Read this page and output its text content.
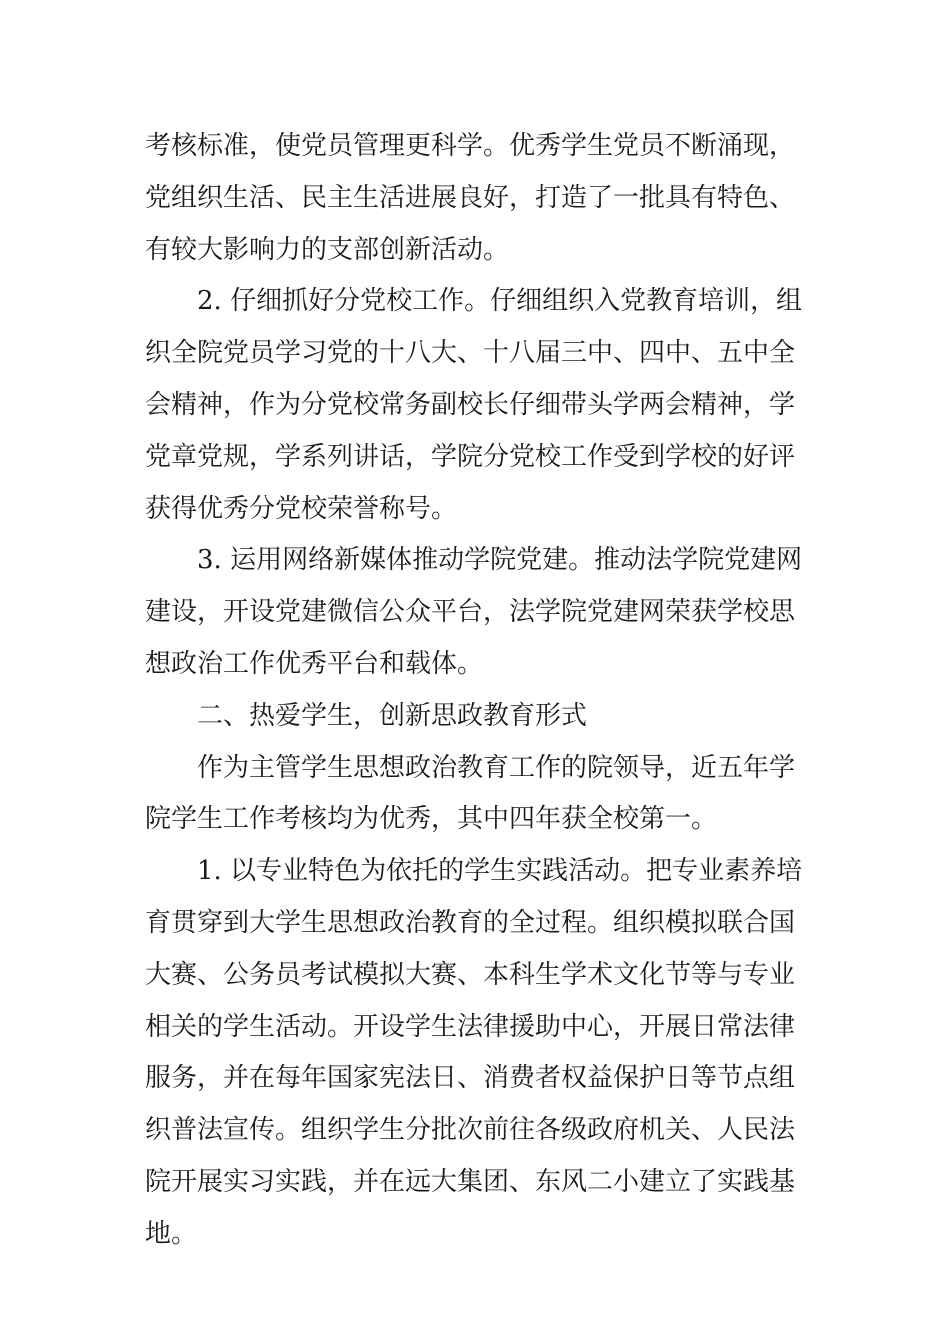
考核标准，使党员管理更科学。优秀学生党员不断涌现，
党组织生活、民主生活进展良好，打造了一批具有特色、
有较大影响力的支部创新活动。
2. 仔细抓好分党校工作。仔细组织入党教育培训，组
织全院党员学习党的十八大、十八届三中、四中、五中全
会精神，作为分党校常务副校长仔细带头学两会精神，学
党章党规，学系列讲话，学院分党校工作受到学校的好评
获得优秀分党校荣誉称号。
3. 运用网络新媒体推动学院党建。推动法学院党建网
建设，开设党建微信公众平台，法学院党建网荣获学校思
想政治工作优秀平台和载体。
二、热爱学生，创新思政教育形式
作为主管学生思想政治教育工作的院领导，近五年学
院学生工作考核均为优秀，其中四年获全校第一。
1. 以专业特色为依托的学生实践活动。把专业素养培
育贯穿到大学生思想政治教育的全过程。组织模拟联合国
大赛、公务员考试模拟大赛、本科生学术文化节等与专业
相关的学生活动。开设学生法律援助中心，开展日常法律
服务，并在每年国家宪法日、消费者权益保护日等节点组
织普法宣传。组织学生分批次前往各级政府机关、人民法
院开展实习实践，并在远大集团、东风二小建立了实践基
地。
